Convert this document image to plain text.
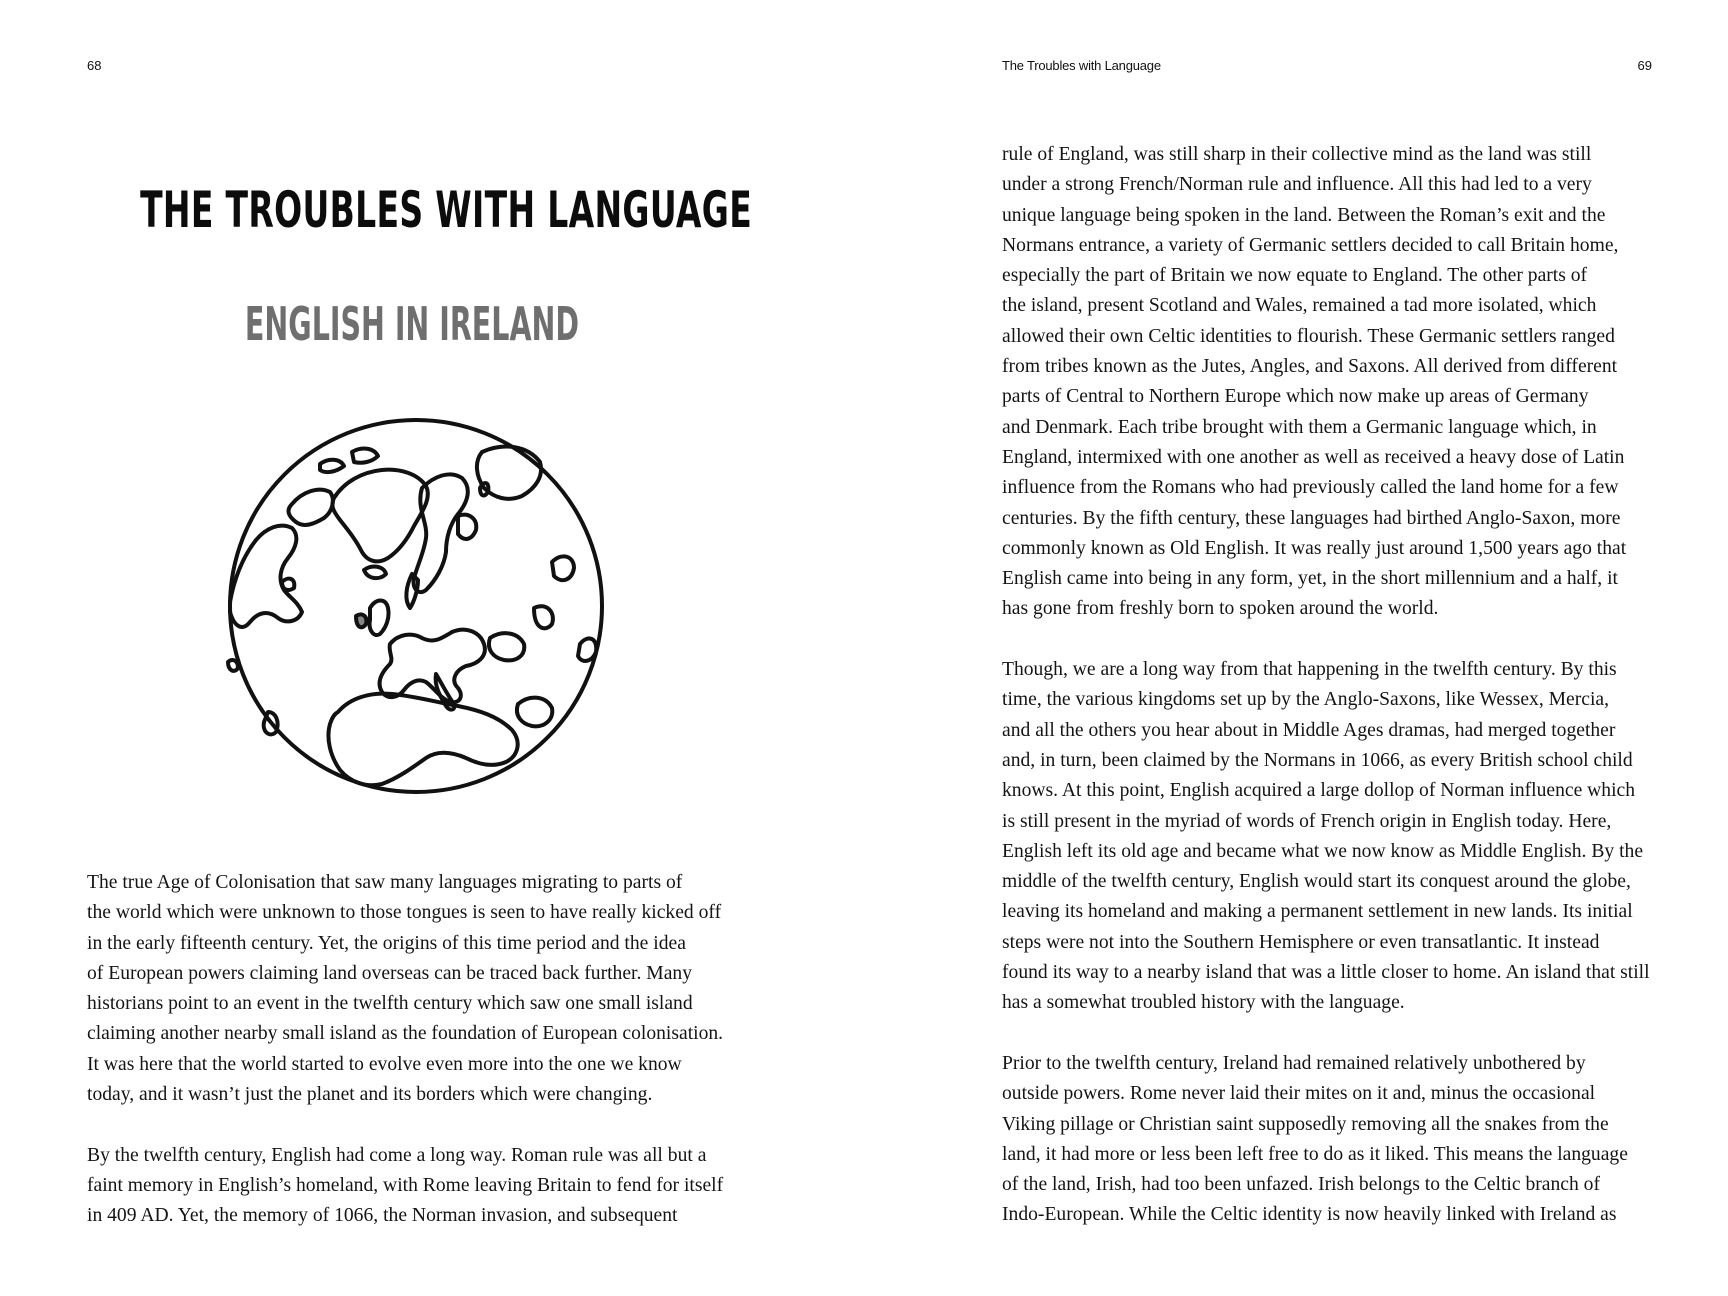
68
THE TROUBLES WITH LANGUAGE
ENGLISH IN IRELAND

The true Age of Colonisation that saw many languages migrating to parts of
the world which were unknown to those tongues is seen to have really kicked off
in the early fifteenth century. Yet, the origins of this time period and the idea
of European powers claiming land overseas can be traced back further. Many
historians point to an event in the twelfth century which saw one small island
claiming another nearby small island as the foundation of European colonisation.
It was here that the world started to evolve even more into the one we know
today, and it wasn’t just the planet and its borders which were changing.

By the twelfth century, English had come a long way. Roman rule was all but a
faint memory in English’s homeland, with Rome leaving Britain to fend for itself
in 409 AD. Yet, the memory of 1066, the Norman invasion, and subsequent

The Troubles with Language	69

rule of England, was still sharp in their collective mind as the land was still
under a strong French/Norman rule and influence. All this had led to a very
unique language being spoken in the land. Between the Roman’s exit and the
Normans entrance, a variety of Germanic settlers decided to call Britain home,
especially the part of Britain we now equate to England. The other parts of
the island, present Scotland and Wales, remained a tad more isolated, which
allowed their own Celtic identities to flourish. These Germanic settlers ranged
from tribes known as the Jutes, Angles, and Saxons. All derived from different
parts of Central to Northern Europe which now make up areas of Germany
and Denmark. Each tribe brought with them a Germanic language which, in
England, intermixed with one another as well as received a heavy dose of Latin
influence from the Romans who had previously called the land home for a few
centuries. By the fifth century, these languages had birthed Anglo-Saxon, more
commonly known as Old English. It was really just around 1,500 years ago that
English came into being in any form, yet, in the short millennium and a half, it
has gone from freshly born to spoken around the world.

Though, we are a long way from that happening in the twelfth century. By this
time, the various kingdoms set up by the Anglo-Saxons, like Wessex, Mercia,
and all the others you hear about in Middle Ages dramas, had merged together
and, in turn, been claimed by the Normans in 1066, as every British school child
knows. At this point, English acquired a large dollop of Norman influence which
is still present in the myriad of words of French origin in English today. Here,
English left its old age and became what we now know as Middle English. By the
middle of the twelfth century, English would start its conquest around the globe,
leaving its homeland and making a permanent settlement in new lands. Its initial
steps were not into the Southern Hemisphere or even transatlantic. It instead
found its way to a nearby island that was a little closer to home. An island that still
has a somewhat troubled history with the language.

Prior to the twelfth century, Ireland had remained relatively unbothered by
outside powers. Rome never laid their mites on it and, minus the occasional
Viking pillage or Christian saint supposedly removing all the snakes from the
land, it had more or less been left free to do as it liked. This means the language
of the land, Irish, had too been unfazed. Irish belongs to the Celtic branch of
Indo-European. While the Celtic identity is now heavily linked with Ireland as
